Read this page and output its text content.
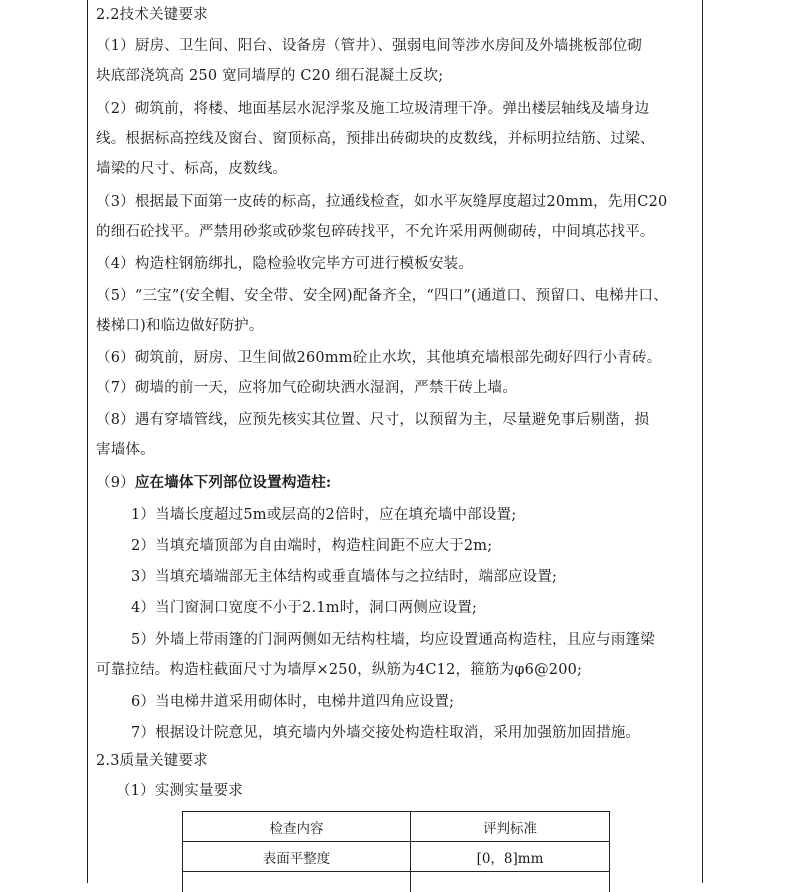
2.2技术关键要求
（1）厨房、卫生间、阳台、设备房（管井）、强弱电间等涉水房间及外墙挑板部位砌
块底部浇筑高 250 宽同墙厚的 C20 细石混凝土反坎;
（2）砌筑前，将楼、地面基层水泥浮浆及施工垃圾清理干净。弹出楼层轴线及墙身边
线。根据标高控线及窗台、窗顶标高，预排出砖砌块的皮数线，并标明拉结筋、过梁、
墙梁的尺寸、标高，皮数线。
（3）根据最下面第一皮砖的标高，拉通线检查，如水平灰缝厚度超过20mm，先用C20
的细石砼找平。严禁用砂浆或砂浆包碎砖找平，不允许采用两侧砌砖，中间填芯找平。
（4）构造柱钢筋绑扎，隐检验收完毕方可进行模板安装。
（5）“三宝”(安全帽、安全带、安全网)配备齐全，“四口”(通道口、预留口、电梯井口、
楼梯口)和临边做好防护。
（6）砌筑前，厨房、卫生间做260mm砼止水坎，其他填充墙根部先砌好四行小青砖。
（7）砌墙的前一天，应将加气砼砌块洒水湿润，严禁干砖上墙。
（8）遇有穿墙管线，应预先核实其位置、尺寸，以预留为主，尽量避免事后剔凿，损
害墙体。
（9）应在墙体下列部位设置构造柱:
1）当墙长度超过5m或层高的2倍时，应在填充墙中部设置;
2）当填充墙顶部为自由端时，构造柱间距不应大于2m;
3）当填充墙端部无主体结构或垂直墙体与之拉结时，端部应设置;
4）当门窗洞口宽度不小于2.1m时，洞口两侧应设置;
5）外墙上带雨篷的门洞两侧如无结构柱墙，均应设置通高构造柱，且应与雨篷梁
可靠拉结。构造柱截面尺寸为墙厚×250，纵筋为4C12，箍筋为φ6@200;
6）当电梯井道采用砌体时，电梯井道四角应设置;
7）根据设计院意见，填充墙内外墙交接处构造柱取消，采用加强筋加固措施。
2.3质量关键要求
（1）实测实量要求
检查内容	评判标准
表面平整度	[0，8]mm
